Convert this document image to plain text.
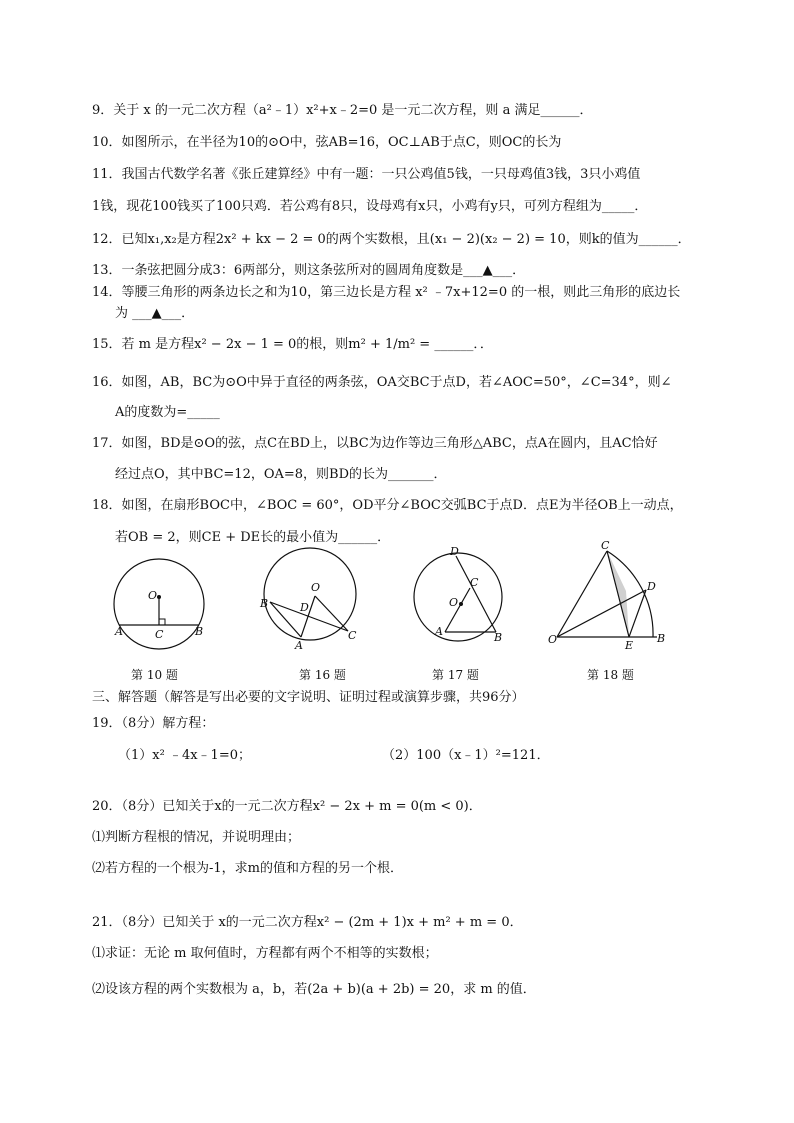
9．关于 x 的一元二次方程（a²﹣1）x²+x﹣2=0 是一元二次方程，则 a 满足______．
10．如图所示，在半径为10的⊙O中，弦AB=16，OC⊥AB于点C，则OC的长为
11．我国古代数学名著《张丘建算经》中有一题：一只公鸡值5钱，一只母鸡值3钱，3只小鸡值
1钱，现花100钱买了100只鸡．若公鸡有8只，设母鸡有x只，小鸡有y只，可列方程组为_____．
12．已知x₁,x₂是方程2x² + kx − 2 = 0的两个实数根，且(x₁ − 2)(x₂ − 2) = 10，则k的值为______．
13．一条弦把圆分成3：6两部分，则这条弦所对的圆周角度数是___▲___．
14．等腰三角形的两条边长之和为10，第三边长是方程 x² ﹣7x+12=0 的一根，则此三角形的底边长
为 ___▲___．
15．若 m 是方程x² − 2x − 1 = 0的根，则m² + 1/m² = ______．．
16．如图，AB，BC为⊙O中异于直径的两条弦，OA交BC于点D，若∠AOC=50°，∠C=34°，则∠
A的度数为=_____
17．如图，BD是⊙O的弦，点C在BD上，以BC为边作等边三角形△ABC，点A在圆内，且AC恰好
经过点O，其中BC=12，OA=8，则BD的长为_______．
18．如图，在扇形BOC中，∠BOC = 60°，OD平分∠BOC交弧BC于点D．点E为半径OB上一动点，
若OB = 2，则CE + DE长的最小值为______．
O
A	B
C
O
B	D
A
C
O
D
C
A	B	O
C
D
E
B
第 10 题	第 16 题	第 17 题	第 18 题
三、解答题（解答是写出必要的文字说明、证明过程或演算步骤，共96分）
19．（8分）解方程：
（1）x² ﹣4x﹣1=0；	（2）100（x﹣1）²=121．
20．（8分）已知关于x的一元二次方程x² − 2x + m = 0(m < 0)．
⑴判断方程根的情况，并说明理由；
⑵若方程的一个根为-1，求m的值和方程的另一个根．
21．（8分）已知关于 x的一元二次方程x² − (2m + 1)x + m² + m = 0．
⑴求证：无论 m 取何值时，方程都有两个不相等的实数根；
⑵设该方程的两个实数根为 a，b，若(2a + b)(a + 2b) = 20，求 m 的值．
